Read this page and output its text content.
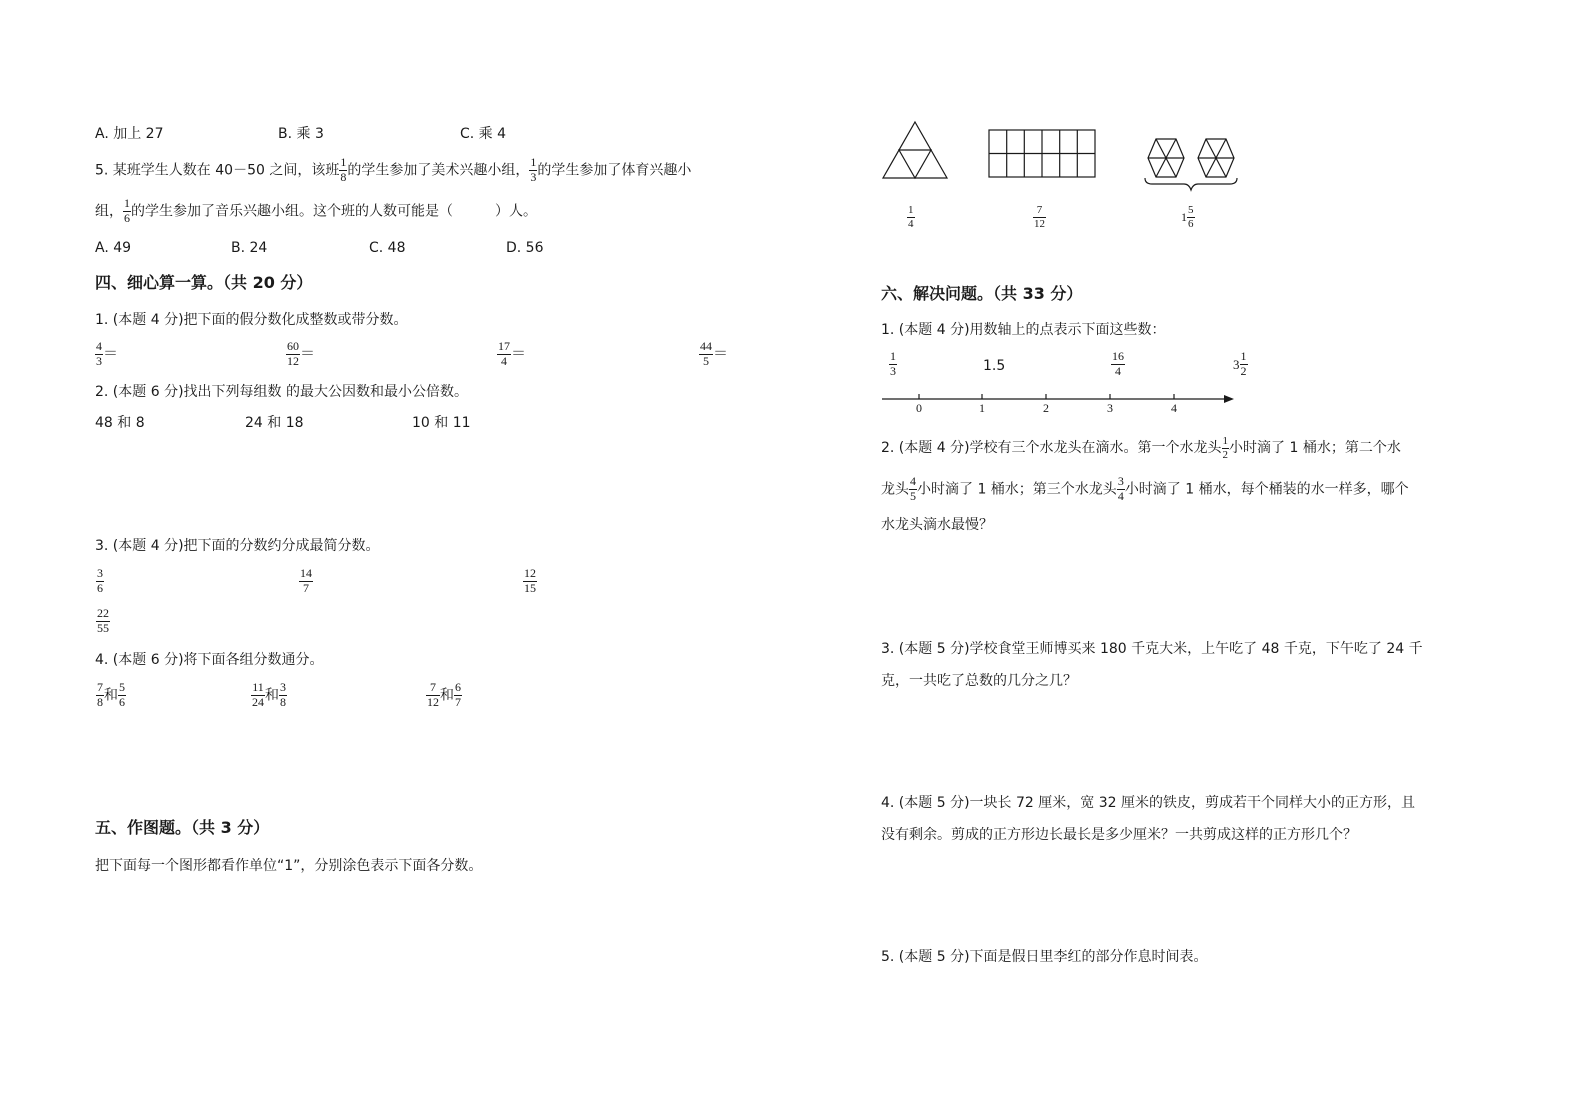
A. 加上 27	B. 乘 3	C. 乘 4
5. 某班学生人数在 40－50 之间，该班 $\frac{1}{8}$ 的学生参加了美术兴趣小组， $\frac{1}{3}$ 的学生参加了体育兴趣小
组， $\frac{1}{6}$ 的学生参加了音乐兴趣小组。这个班的人数可能是（　　　）人。
A. 49	B. 24	C. 48	D. 56
四、细心算一算。（共 20 分）
1. (本题 4 分)把下面的假分数化成整数或带分数。
$\frac{4}{3}$ ＝	$\frac{60}{12}$ ＝	$\frac{17}{4}$ ＝	$\frac{44}{5}$ ＝
2. (本题 6 分)找出下列每组数 的最大公因数和最小公倍数。
48 和 8	24 和 18	10 和 11
3. (本题 4 分)把下面的分数约分成最简分数。
$\frac{3}{6}$	$\frac{14}{7}$	$\frac{12}{15}$
$\frac{22}{55}$
4. (本题 6 分)将下面各组分数通分。
$\frac{7}{8}$ 和 $\frac{5}{6}$	$\frac{11}{24}$ 和 $\frac{3}{8}$	$\frac{7}{12}$ 和 $\frac{6}{7}$
五、作图题。（共 3 分）
把下面每一个图形都看作单位“1”，分别涂色表示下面各分数。
$\frac{1}{4}$	$\frac{7}{12}$	$1 \frac{5}{6}$
六、解决问题。（共 33 分）
1. (本题 4 分)用数轴上的点表示下面这些数：
$\frac{1}{3}$	1.5	$\frac{16}{4}$	$3 \frac{1}{2}$
0	1	2	3	4
2. (本题 4 分)学校有三个水龙头在滴水。第一个水龙头 $\frac{1}{2}$ 小时滴了 1 桶水；第二个水
龙头 $\frac{4}{5}$ 小时滴了 1 桶水；第三个水龙头 $\frac{3}{4}$ 小时滴了 1 桶水，每个桶装的水一样多，哪个
水龙头滴水最慢？
3. (本题 5 分)学校食堂王师博买来 180 千克大米，上午吃了 48 千克，下午吃了 24 千
克，一共吃了总数的几分之几？
4. (本题 5 分)一块长 72 厘米，宽 32 厘米的铁皮，剪成若干个同样大小的正方形，且
没有剩余。剪成的正方形边长最长是多少厘米？一共剪成这样的正方形几个？
5. (本题 5 分)下面是假日里李红的部分作息时间表。
